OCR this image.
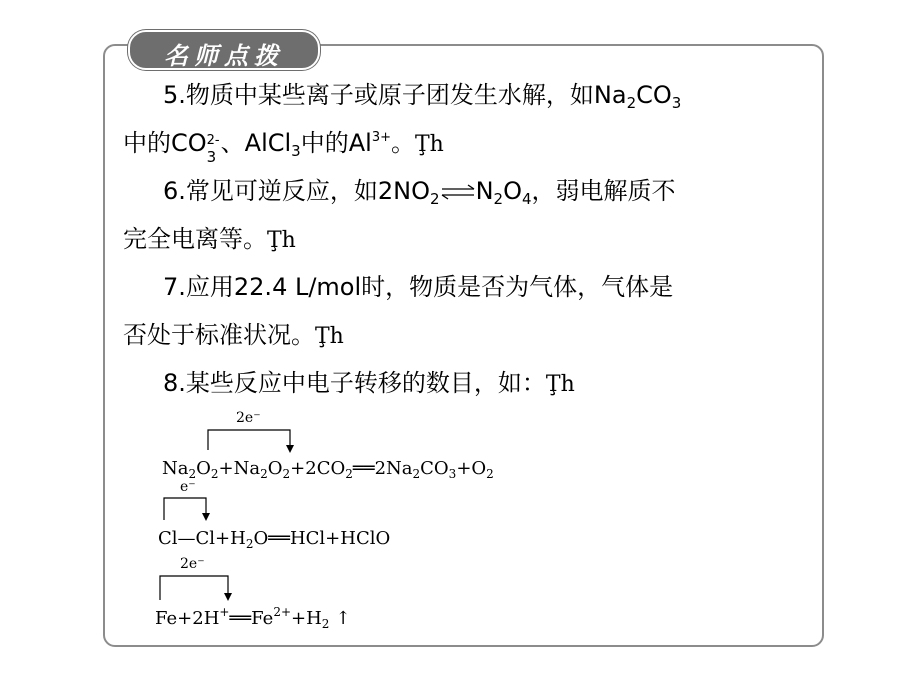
名师点拨
5.物质中某些离子或原子团发生水解，如$Na_2CO_3$
中的CO 2-
3 、AlCl$_3$中的$Al^{3+}$。Ţh
6.常见可逆反应，如$2NO_2\rightleftharpoons N_2O_4$，弱电解质不
完全电离等。Ţh
7.应用22.4 L/mol时，物质是否为气体，气体是
否处于标准状况。Ţh
8.某些反应中电子转移的数目，如：Ţh
2e⁻
$Na_2O_2+Na_2O_2+2CO_2══2Na_2CO_3+O_2$
e⁻
$Cl—Cl+H_2O══HCl+HClO$
2e⁻
$Fe+2H^+══Fe^{2+}+H_2$ ↑
